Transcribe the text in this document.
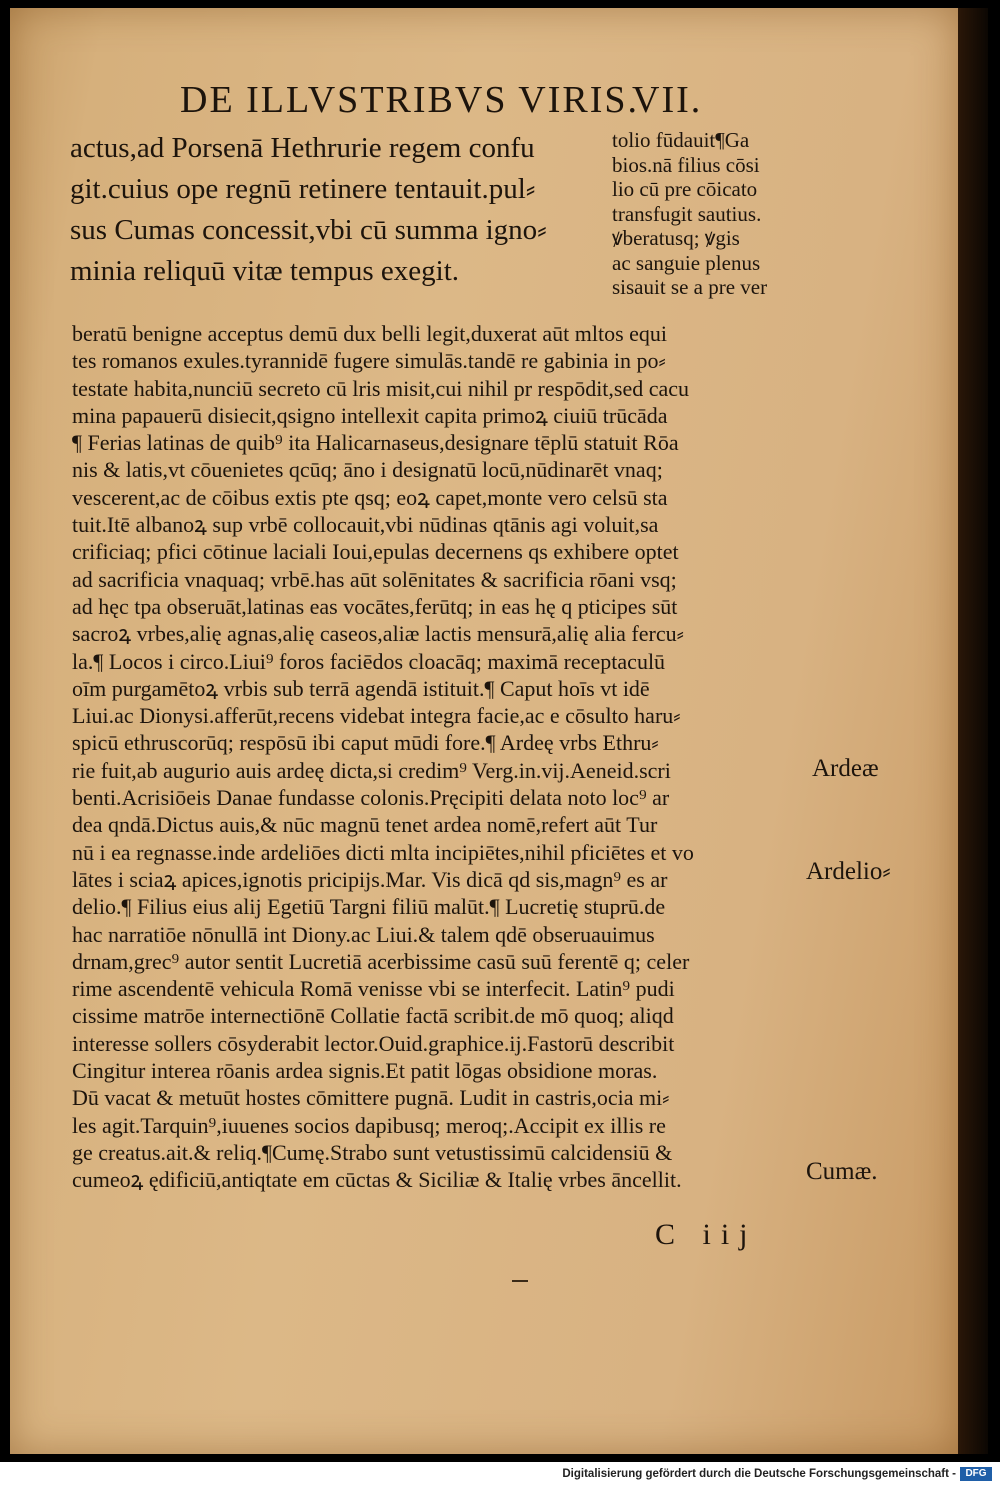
DE ILLVSTRIBVS VIRIS.
VII.
actus,ad Porsenā Hethrurie regem confu
git.cuius ope regnū retinere tentauit.pul⸗
sus Cumas concessit,vbi cū summa igno⸗
minia reliquū vitæ tempus exegit.
tolio fūdauit¶Ga
bios.nā filius cōsi
lio cū pre cōicato
transfugit sautius.
ꝟberatusq; ꝟgis
ac sanguie plenus
sisauit se a pre ver
beratū benigne acceptus demū dux belli legit,duxerat aūt mltos equi
tes romanos exules.tyrannidē fugere simulās.tandē re gabinia in po⸗
testate habita,nunciū secreto cū lris misit,cui nihil pr respōdit,sed cacu
mina papauerū disiecit,qsigno intellexit capita primoꝝ ciuiū trūcāda
¶ Ferias latinas de quib⁹ ita Halicarnaseus,designare tēplū statuit Rōa
nis & latis,vt cōuenietes qcūq; āno i designatū locū,nūdinarēt vnaq;
vescerent,ac de cōibus extis pte qsq; eoꝝ capet,monte vero celsū sta
tuit.Itē albanoꝝ sup vrbē collocauit,vbi nūdinas qtānis agi voluit,sa
crificiaq; pfici cōtinue laciali Ioui,epulas decernens qs exhibere optet
ad sacrificia vnaquaq; vrbē.has aūt solēnitates & sacrificia rōani vsq;
ad hęc tpa obseruāt,latinas eas vocātes,ferūtq; in eas hę q pticipes sūt
sacroꝝ vrbes,alię agnas,alię caseos,aliæ lactis mensurā,alię alia fercu⸗
la.¶ Locos i circo.Liui⁹ foros faciēdos cloacāq; maximā receptaculū
oīm purgamētoꝝ vrbis sub terrā agendā istituit.¶ Caput hoīs vt idē
Liui.ac Dionysi.afferūt,recens videbat integra facie,ac e cōsulto haru⸗
spicū ethruscorūq; respōsū ibi caput mūdi fore.¶ Ardeę vrbs Ethru⸗
rie fuit,ab augurio auis ardeę dicta,si credim⁹ Verg.in.vij.Aeneid.scri
benti.Acrisiōeis Danae fundasse colonis.Pręcipiti delata noto loc⁹ ar
dea qndā.Dictus auis,& nūc magnū tenet ardea nomē,refert aūt Tur
nū i ea regnasse.inde ardeliōes dicti mlta incipiētes,nihil pficiētes et vo
lātes i sciaꝝ apices,ignotis pricipijs.Mar. Vis dicā qd sis,magn⁹ es ar
delio.¶ Filius eius alij Egetiū Targni filiū malūt.¶ Lucretię stuprū.de
hac narratiōe nōnullā int Diony.ac Liui.& talem qdē obseruauimus
drnam,grec⁹ autor sentit Lucretiā acerbissime casū suū ferentē q; celer
rime ascendentē vehicula Romā venisse vbi se interfecit. Latin⁹ pudi
cissime matrōe internectiōnē Collatie factā scribit.de mō quoq; aliqd
interesse sollers cōsyderabit lector.Ouid.graphice.ij.Fastorū describit
Cingitur interea rōanis ardea signis.Et patit lōgas obsidione moras.
Dū vacat & metuūt hostes cōmittere pugnā. Ludit in castris,ocia mi⸗
les agit.Tarquin⁹,iuuenes socios dapibusq; meroq;.Accipit ex illis re
ge creatus.ait.& reliq.¶Cumę.Strabo sunt vetustissimū calcidensiū &
cumeoꝝ ędificiū,antiqtate em cūctas & Siciliæ & Italię vrbes āncellit.
Ardeæ
Ardelio⸗
Cumæ.
C iij
Digitalisierung gefördert durch die Deutsche Forschungsgemeinschaft - DFG
